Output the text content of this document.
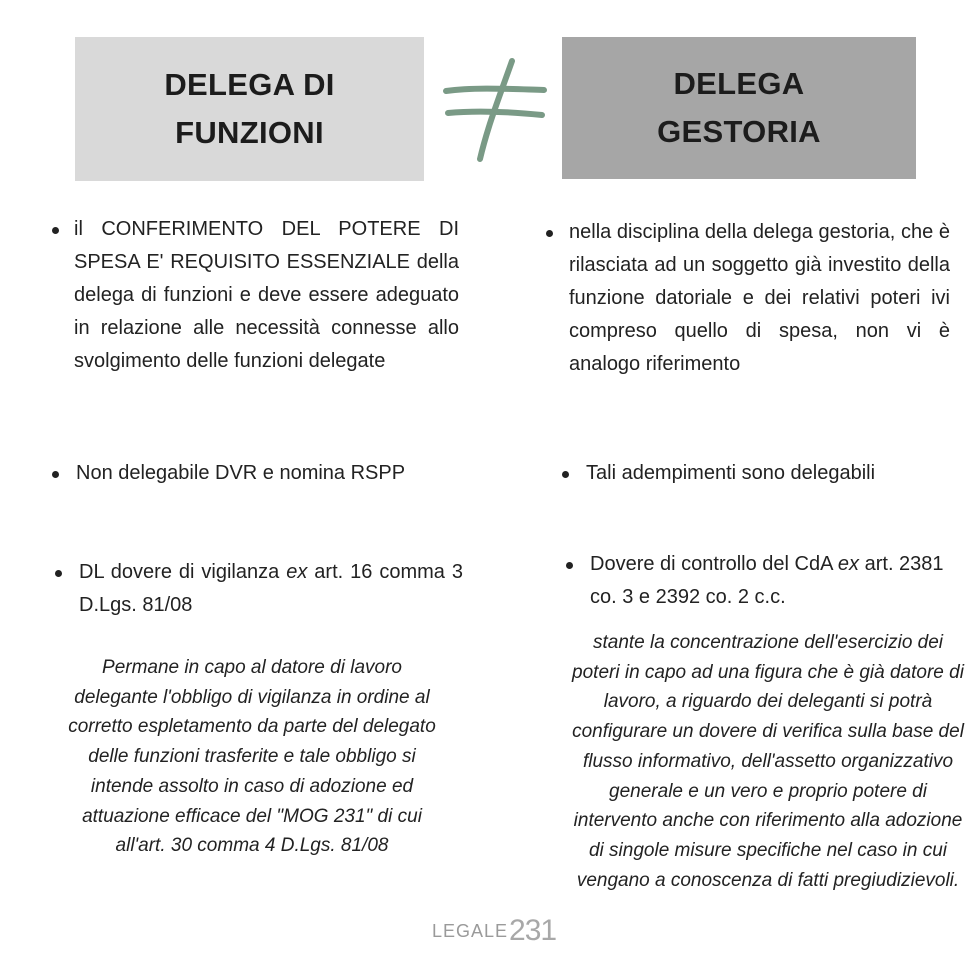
DELEGA DI
FUNZIONI
DELEGA
GESTORIA
il CONFERIMENTO DEL POTERE DI SPESA E' REQUISITO ESSENZIALE della delega di funzioni e deve essere adeguato in relazione alle necessità connesse allo svolgimento delle funzioni delegate
nella disciplina della delega gestoria, che è rilasciata ad un soggetto già investito della funzione datoriale e dei relativi poteri ivi compreso quello di spesa, non vi è analogo riferimento
Non delegabile DVR e nomina RSPP	Tali adempimenti sono delegabili
DL dovere di vigilanza ex art. 16 comma 3 D.Lgs. 81/08
Dovere di controllo del CdA ex art. 2381 co. 3 e 2392 co. 2 c.c.
Permane in capo al datore di lavoro delegante l'obbligo di vigilanza in ordine al corretto espletamento da parte del delegato delle funzioni trasferite e tale obbligo si intende assolto in caso di adozione ed attuazione efficace del "MOG 231" di cui all'art. 30 comma 4 D.Lgs. 81/08
stante la concentrazione dell'esercizio dei poteri in capo ad una figura che è già datore di lavoro, a riguardo dei deleganti si potrà configurare un dovere di verifica sulla base del flusso informativo, dell'assetto organizzativo generale e un vero e proprio potere di intervento anche con riferimento alla adozione di singole misure specifiche nel caso in cui vengano a conoscenza di fatti pregiudizievoli.
LEGALE 231
